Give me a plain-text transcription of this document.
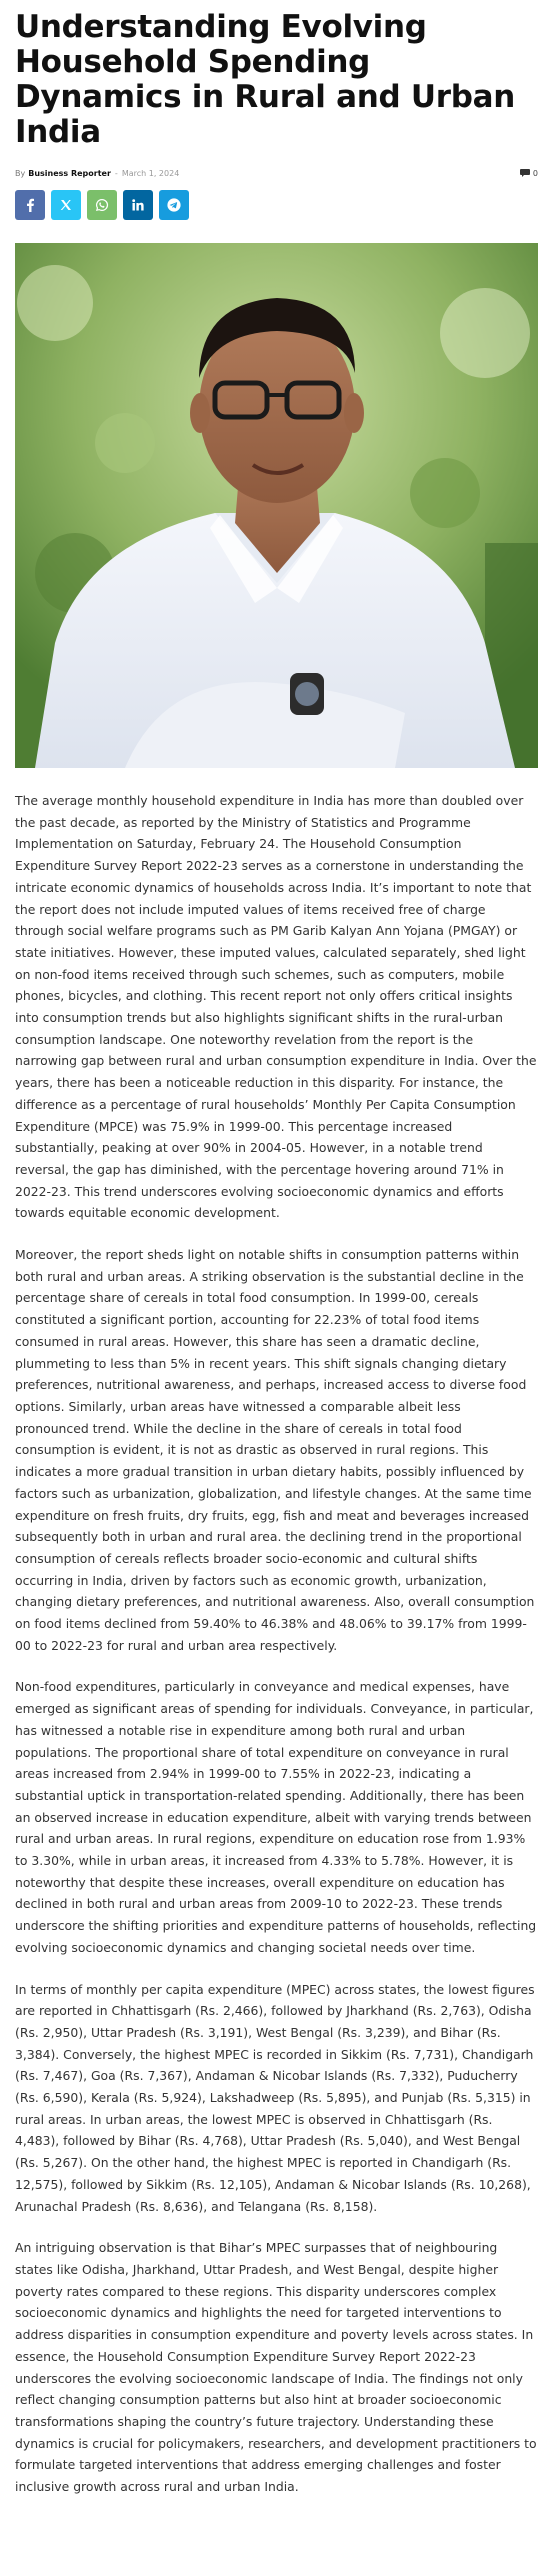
Understanding Evolving Household Spending Dynamics in Rural and Urban India
By Business Reporter - March 1, 2024	0

The average monthly household expenditure in India has more than doubled over the past decade, as reported by the Ministry of Statistics and Programme Implementation on Saturday, February 24. The Household Consumption Expenditure Survey Report 2022-23 serves as a cornerstone in understanding the intricate economic dynamics of households across India. It’s important to note that the report does not include imputed values of items received free of charge through social welfare programs such as PM Garib Kalyan Ann Yojana (PMGAY) or state initiatives. However, these imputed values, calculated separately, shed light on non-food items received through such schemes, such as computers, mobile phones, bicycles, and clothing. This recent report not only offers critical insights into consumption trends but also highlights significant shifts in the rural-urban consumption landscape. One noteworthy revelation from the report is the narrowing gap between rural and urban consumption expenditure in India. Over the years, there has been a noticeable reduction in this disparity. For instance, the difference as a percentage of rural households’ Monthly Per Capita Consumption Expenditure (MPCE) was 75.9% in 1999-00. This percentage increased substantially, peaking at over 90% in 2004-05. However, in a notable trend reversal, the gap has diminished, with the percentage hovering around 71% in 2022-23. This trend underscores evolving socioeconomic dynamics and efforts towards equitable economic development.

Moreover, the report sheds light on notable shifts in consumption patterns within both rural and urban areas. A striking observation is the substantial decline in the percentage share of cereals in total food consumption. In 1999-00, cereals constituted a significant portion, accounting for 22.23% of total food items consumed in rural areas. However, this share has seen a dramatic decline, plummeting to less than 5% in recent years. This shift signals changing dietary preferences, nutritional awareness, and perhaps, increased access to diverse food options. Similarly, urban areas have witnessed a comparable albeit less pronounced trend. While the decline in the share of cereals in total food consumption is evident, it is not as drastic as observed in rural regions. This indicates a more gradual transition in urban dietary habits, possibly influenced by factors such as urbanization, globalization, and lifestyle changes. At the same time expenditure on fresh fruits, dry fruits, egg, fish and meat and beverages increased subsequently both in urban and rural area. the declining trend in the proportional consumption of cereals reflects broader socio-economic and cultural shifts occurring in India, driven by factors such as economic growth, urbanization, changing dietary preferences, and nutritional awareness. Also, overall consumption on food items declined from 59.40% to 46.38% and 48.06% to 39.17% from 1999-00 to 2022-23 for rural and urban area respectively.

Non-food expenditures, particularly in conveyance and medical expenses, have emerged as significant areas of spending for individuals. Conveyance, in particular, has witnessed a notable rise in expenditure among both rural and urban populations. The proportional share of total expenditure on conveyance in rural areas increased from 2.94% in 1999-00 to 7.55% in 2022-23, indicating a substantial uptick in transportation-related spending. Additionally, there has been an observed increase in education expenditure, albeit with varying trends between rural and urban areas. In rural regions, expenditure on education rose from 1.93% to 3.30%, while in urban areas, it increased from 4.33% to 5.78%. However, it is noteworthy that despite these increases, overall expenditure on education has declined in both rural and urban areas from 2009-10 to 2022-23. These trends underscore the shifting priorities and expenditure patterns of households, reflecting evolving socioeconomic dynamics and changing societal needs over time.

In terms of monthly per capita expenditure (MPEC) across states, the lowest figures are reported in Chhattisgarh (Rs. 2,466), followed by Jharkhand (Rs. 2,763), Odisha (Rs. 2,950), Uttar Pradesh (Rs. 3,191), West Bengal (Rs. 3,239), and Bihar (Rs. 3,384). Conversely, the highest MPEC is recorded in Sikkim (Rs. 7,731), Chandigarh (Rs. 7,467), Goa (Rs. 7,367), Andaman & Nicobar Islands (Rs. 7,332), Puducherry (Rs. 6,590), Kerala (Rs. 5,924), Lakshadweep (Rs. 5,895), and Punjab (Rs. 5,315) in rural areas. In urban areas, the lowest MPEC is observed in Chhattisgarh (Rs. 4,483), followed by Bihar (Rs. 4,768), Uttar Pradesh (Rs. 5,040), and West Bengal (Rs. 5,267). On the other hand, the highest MPEC is reported in Chandigarh (Rs. 12,575), followed by Sikkim (Rs. 12,105), Andaman & Nicobar Islands (Rs. 10,268), Arunachal Pradesh (Rs. 8,636), and Telangana (Rs. 8,158).

An intriguing observation is that Bihar’s MPEC surpasses that of neighbouring states like Odisha, Jharkhand, Uttar Pradesh, and West Bengal, despite higher poverty rates compared to these regions. This disparity underscores complex socioeconomic dynamics and highlights the need for targeted interventions to address disparities in consumption expenditure and poverty levels across states. In essence, the Household Consumption Expenditure Survey Report 2022-23 underscores the evolving socioeconomic landscape of India. The findings not only reflect changing consumption patterns but also hint at broader socioeconomic transformations shaping the country’s future trajectory. Understanding these dynamics is crucial for policymakers, researchers, and development practitioners to formulate targeted interventions that address emerging challenges and foster inclusive growth across rural and urban India.
